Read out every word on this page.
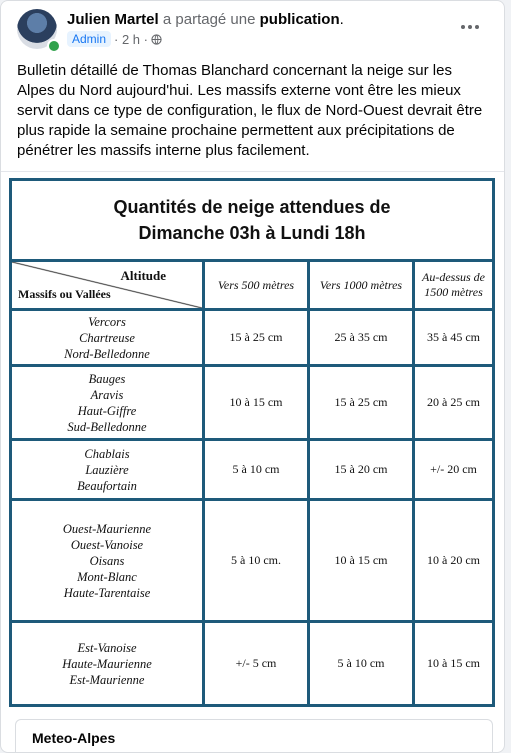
Julien Martel a partagé une publication.
Admin · 2 h ·
Bulletin détaillé de Thomas Blanchard concernant la neige sur les Alpes du Nord aujourd'hui. Les massifs externe vont être les mieux servit dans ce type de configuration, le flux de Nord-Ouest devrait être plus rapide la semaine prochaine permettent aux précipitations de pénétrer les massifs interne plus facilement.
Quantités de neige attendues de
Dimanche 03h à Lundi 18h			

Altitude
Massifs ou Vallées	Vers 500 mètres	Vers 1000 mètres	Au-dessus de 1500 mètres

Vercors
Chartreuse
Nord-Belledonne	15 à 25 cm	25 à 35 cm	35 à 45 cm

Bauges
Aravis
Haut-Giffre
Sud-Belledonne	10 à 15 cm	15 à 25 cm	20 à 25 cm

Chablais
Lauzière
Beaufortain	5 à 10 cm	15 à 20 cm	+/- 20 cm

Ouest-Maurienne
Ouest-Vanoise
Oisans
Mont-Blanc
Haute-Tarentaise	5 à 10 cm.	10 à 15 cm	10 à 20 cm

Est-Vanoise
Haute-Maurienne
Est-Maurienne	+/- 5 cm	5 à 10 cm	10 à 15 cm
Meteo-Alpes
